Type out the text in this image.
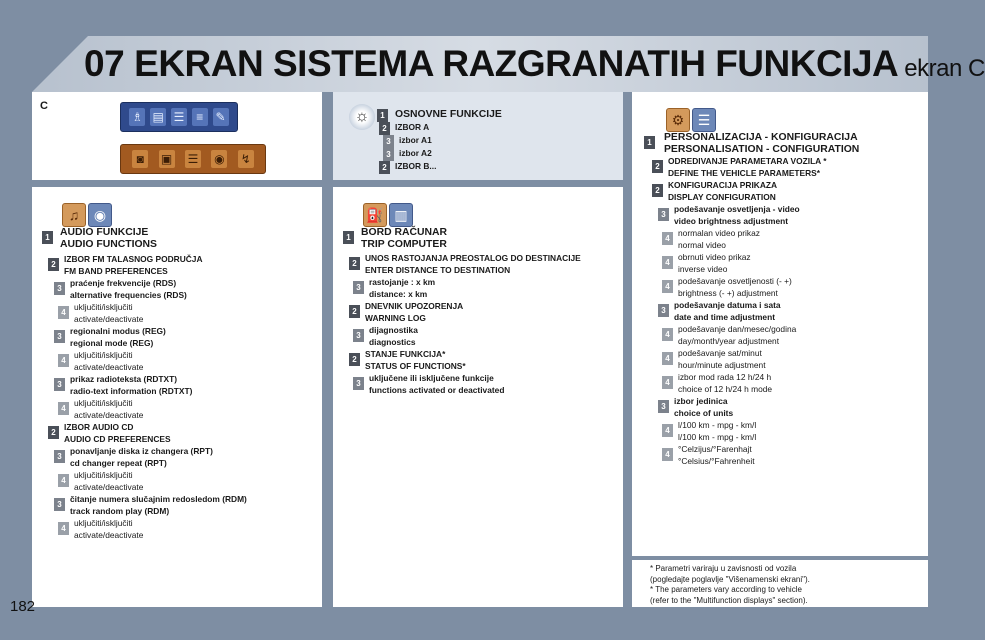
07 EKRAN SISTEMA RAZGRANATIH FUNKCIJA ekran C
C
♗ ▤ ☰ ≡	✎
◙	▣ ☰ ◉ ↯
☼	1 OSNOVNE FUNKCIJE
2 IZBOR A
3 izbor A1
3 izbor A2
2 IZBOR B...
♫	◉
1 AUDIO FUNKCIJE
AUDIO FUNCTIONS
2
IZBOR FM TALASNOG PODRUČJA
FM BAND PREFERENCES
3
praćenje frekvencije (RDS)
alternative frequencies (RDS)
4
uključiti/isključiti
activate/deactivate
3
regionalni modus (REG)
regional mode (REG)
4
uključiti/isključiti
activate/deactivate
3
prikaz radioteksta (RDTXT)
radio-text information (RDTXT)
4
uključiti/isključiti
activate/deactivate
2
IZBOR AUDIO CD
AUDIO CD PREFERENCES
3
ponavljanje diska iz changera (RPT)
cd changer repeat (RPT)
4
uključiti/isključiti
activate/deactivate
3
čitanje numera slučajnim redosledom (RDM)
track random play (RDM)
4
uključiti/isključiti
activate/deactivate
⛽ ▥
1 BORD RAČUNAR
TRIP COMPUTER
2
UNOS RASTOJANJA PREOSTALOG DO DESTINACIJE
ENTER DISTANCE TO DESTINATION
3
rastojanje : x km
distance: x km
2
DNEVNIK UPOZORENJA
WARNING LOG
3
dijagnostika
diagnostics
2
STANJE FUNKCIJA*
STATUS OF FUNCTIONS*
3
uključene ili isključene funkcije
functions activated or deactivated
⚙ ☰
1	PERSONALIZACIJA - KONFIGURACIJA
PERSONALISATION - CONFIGURATION
2
ODREDIVANJE PARAMETARA VOZILA *
DEFINE THE VEHICLE PARAMETERS*
2
KONFIGURACIJA PRIKAZA
DISPLAY CONFIGURATION
3
podešavanje osvetljenja - video
video brightness adjustment
4
normalan video prikaz
normal video
4
obrnuti video prikaz
inverse video
4
podešavanje osvetljenosti (- +)
brightness (- +) adjustment
3
podešavanje datuma i sata
date and time adjustment
4
podešavanje dan/mesec/godina
day/month/year adjustment
4
podešavanje sat/minut
hour/minute adjustment
4
izbor mod rada 12 h/24 h
choice of 12 h/24 h mode
3
izbor jedinica
choice of units
4
l/100 km - mpg - km/l
l/100 km - mpg - km/l
4
°Celzijus/°Farenhajt
°Celsius/°Fahrenheit
* Parametri variraju u zavisnosti od vozila
(pogledajte poglavlje "Višenamenski ekrani").
* The parameters vary according to vehicle
(refer to the "Multifunction displays" section).
182
